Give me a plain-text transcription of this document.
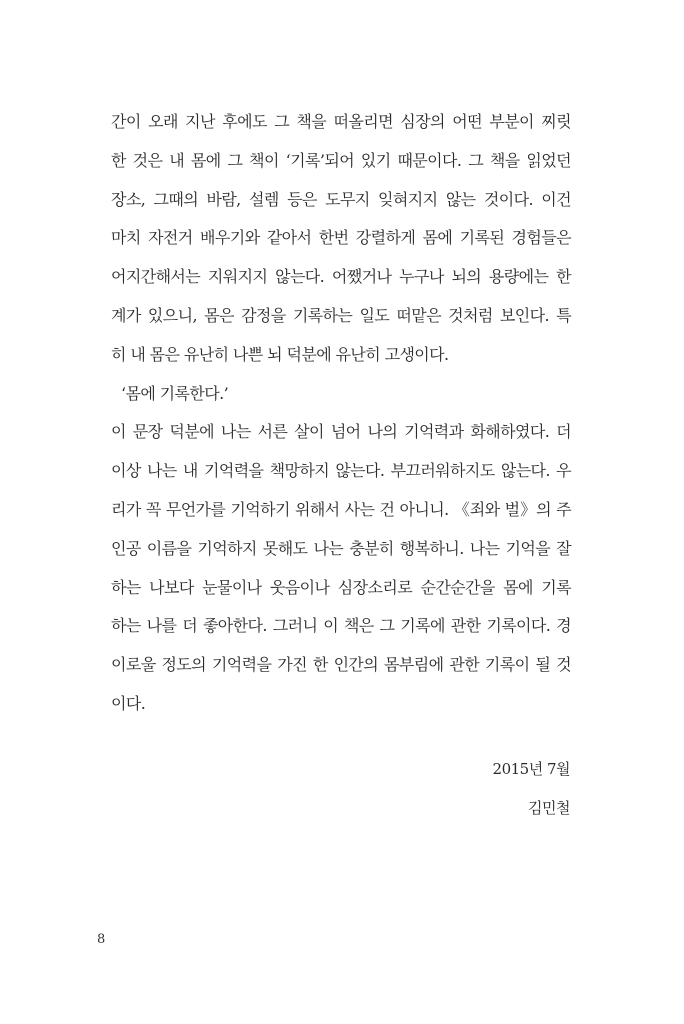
간이 오래 지난 후에도 그 책을 떠올리면 심장의 어떤 부분이 찌릿
한 것은 내 몸에 그 책이 ‘기록’되어 있기 때문이다. 그 책을 읽었던
장소, 그때의 바람, 설렘 등은 도무지 잊혀지지 않는 것이다. 이건
마치 자전거 배우기와 같아서 한번 강렬하게 몸에 기록된 경험들은
어지간해서는 지워지지 않는다. 어쨌거나 누구나 뇌의 용량에는 한
계가 있으니, 몸은 감정을 기록하는 일도 떠맡은 것처럼 보인다. 특
히 내 몸은 유난히 나쁜 뇌 덕분에 유난히 고생이다.
‘몸에 기록한다.’
이 문장 덕분에 나는 서른 살이 넘어 나의 기억력과 화해하였다. 더
이상 나는 내 기억력을 책망하지 않는다. 부끄러워하지도 않는다. 우
리가 꼭 무언가를 기억하기 위해서 사는 건 아니니. 《죄와 벌》의 주
인공 이름을 기억하지 못해도 나는 충분히 행복하니. 나는 기억을 잘
하는 나보다 눈물이나 웃음이나 심장소리로 순간순간을 몸에 기록
하는 나를 더 좋아한다. 그러니 이 책은 그 기록에 관한 기록이다. 경
이로울 정도의 기억력을 가진 한 인간의 몸부림에 관한 기록이 될 것
이다.
2015년 7월
김민철
8
